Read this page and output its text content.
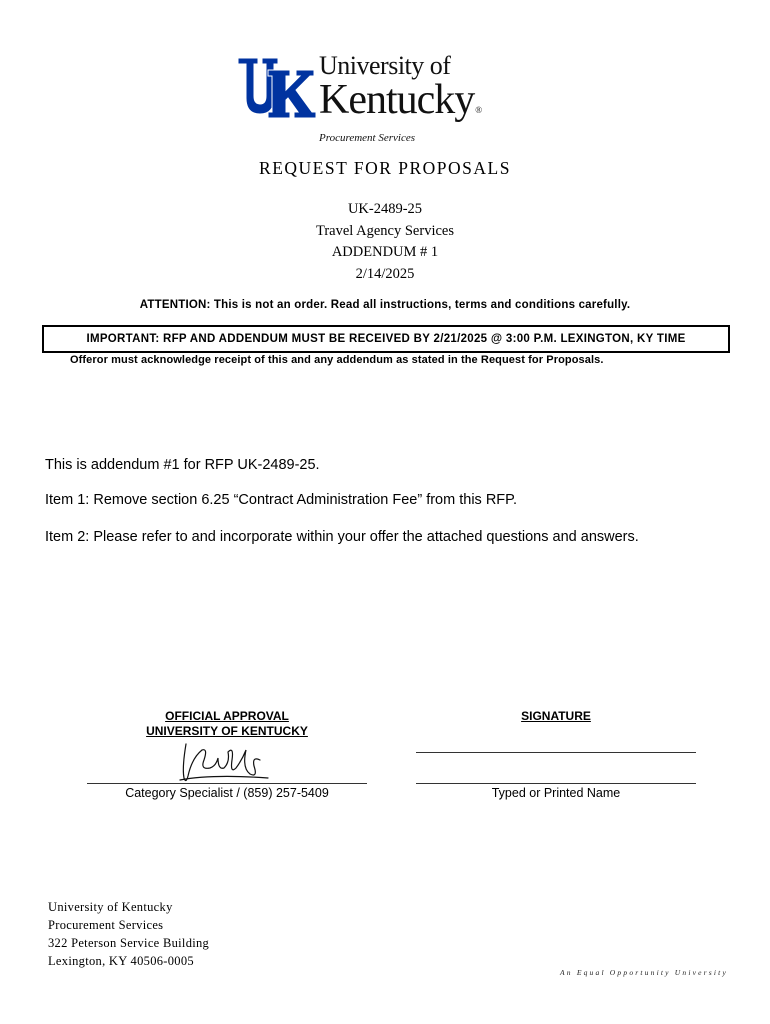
University of
Kentucky®
Procurement Services
REQUEST FOR PROPOSALS
UK-2489-25
Travel Agency Services
ADDENDUM # 1
2/14/2025
ATTENTION: This is not an order. Read all instructions, terms and conditions carefully.
IMPORTANT: RFP AND ADDENDUM MUST BE RECEIVED BY 2/21/2025 @ 3:00 P.M. LEXINGTON, KY TIME
Offeror must acknowledge receipt of this and any addendum as stated in the Request for Proposals.
This is addendum #1 for RFP UK-2489-25.
Item 1: Remove section 6.25 “Contract Administration Fee” from this RFP.
Item 2: Please refer to and incorporate within your offer the attached questions and answers.
OFFICIAL APPROVAL
UNIVERSITY OF KENTUCKY
SIGNATURE
Category Specialist / (859) 257-5409	Typed or Printed Name
University of Kentucky
Procurement Services
322 Peterson Service Building
Lexington, KY 40506-0005
An Equal Opportunity University
